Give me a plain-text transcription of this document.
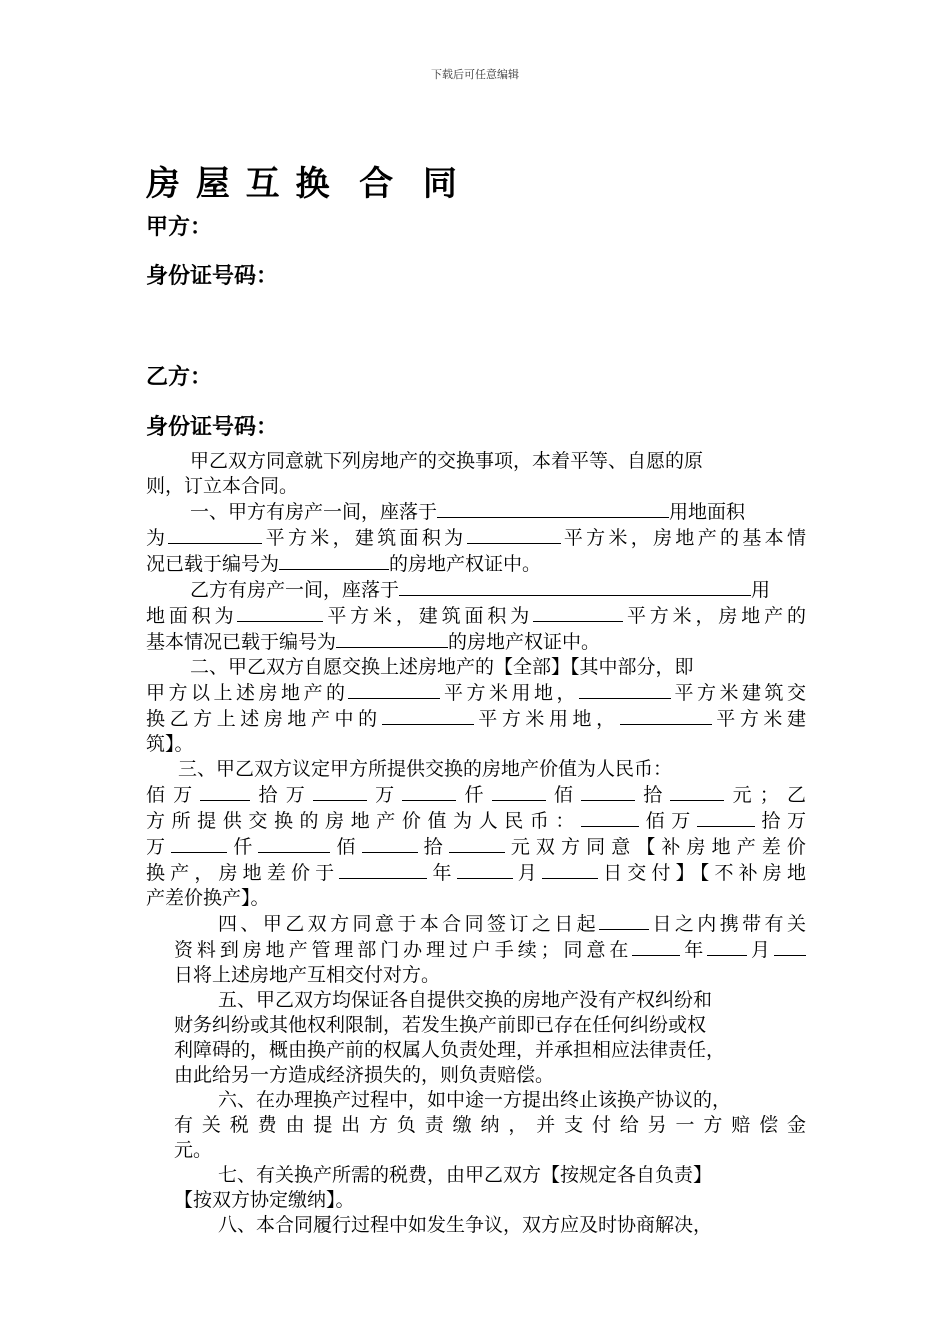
下载后可任意编辑
房 屋 互 换  合  同
甲方：
身份证号码：
乙方：
身份证号码：
甲乙双方同意就下列房地产的交换事项，本着平等、自愿的原
则，订立本合同。
一、甲方有房产一间，座落于	用地面积
为	平方米，建筑面积为	平方米，房地产的基本情
况已载于编号为	的房地产权证中。
乙方有房产一间，座落于	用
地面积为	平方米，建筑面积为	平方米，房地产的
基本情况已载于编号为	的房地产权证中。
二、甲乙双方自愿交换上述房地产的【全部】【其中部分，即
甲方以上述房地产的	平方米用地，	平方米建筑交
换乙方上述房地产中的	平方米用地，	平方米建
筑】。
三、甲乙双方议定甲方所提供交换的房地产价值为人民币：
佰万	拾万	万	仟	佰	拾	元；乙
方所提供交换的房地产价值为人民币：	佰万	拾万
万	仟	佰	拾	元双方同意【补房地产差价
换产，房地差价于	年	月	日交付】【不补房地
产差价换产】。
四、甲乙双方同意于本合同签订之日起	日之内携带有关
资料到房地产管理部门办理过户手续；同意在	年 月
日将上述房地产互相交付对方。
五、甲乙双方均保证各自提供交换的房地产没有产权纠纷和
财务纠纷或其他权利限制，若发生换产前即已存在任何纠纷或权
利障碍的，概由换产前的权属人负责处理，并承担相应法律责任，
由此给另一方造成经济损失的，则负责赔偿。
六、在办理换产过程中，如中途一方提出终止该换产协议的，
有关税费由提出方负责缴纳，并支付给另一方赔偿金
元。
七、有关换产所需的税费，由甲乙双方【按规定各自负责】
【按双方协定缴纳】。
八、本合同履行过程中如发生争议，双方应及时协商解决，
